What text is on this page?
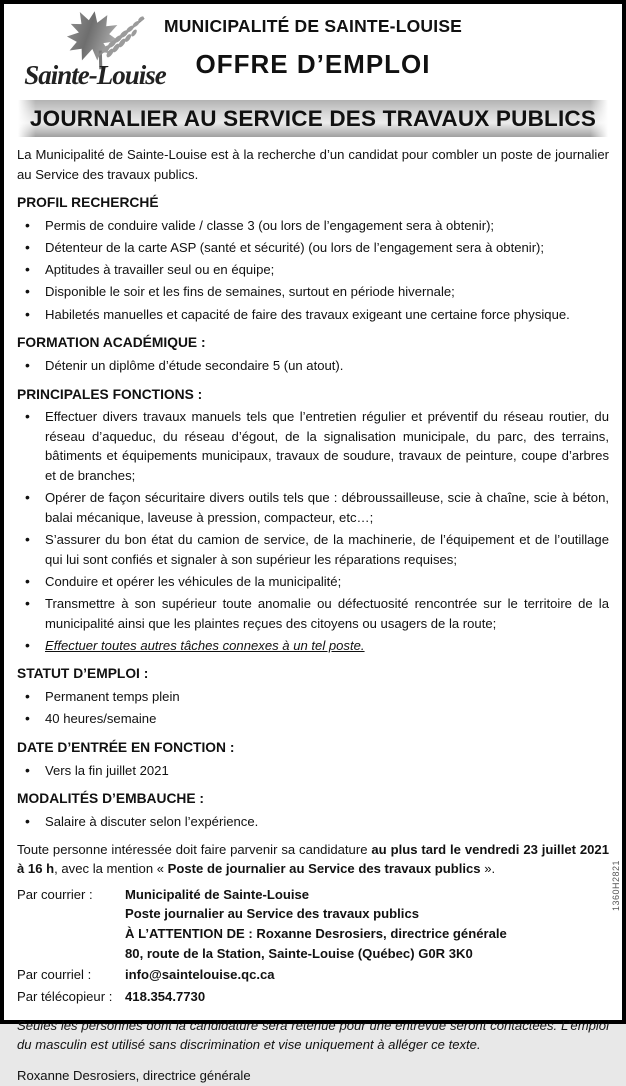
Sainte-Louise
MUNICIPALITÉ DE SAINTE-LOUISE
OFFRE D’EMPLOI
JOURNALIER AU SERVICE DES TRAVAUX PUBLICS

La Municipalité de Sainte-Louise est à la recherche d’un candidat pour combler un poste de journalier au Service des travaux publics.

PROFIL RECHERCHÉ
• Permis de conduire valide / classe 3 (ou lors de l’engagement sera à obtenir);
• Détenteur de la carte ASP (santé et sécurité) (ou lors de l’engagement sera à obtenir);
• Aptitudes à travailler seul ou en équipe;
• Disponible le soir et les fins de semaines, surtout en période hivernale;
• Habiletés manuelles et capacité de faire des travaux exigeant une certaine force physique.
FORMATION ACADÉMIQUE :
• Détenir un diplôme d’étude secondaire 5 (un atout).
PRINCIPALES FONCTIONS :
• Effectuer divers travaux manuels tels que l’entretien régulier et préventif du réseau routier, du réseau d’aqueduc, du réseau d’égout, de la signalisation municipale, du parc, des terrains, bâtiments et équipements municipaux, travaux de soudure, travaux de peinture, coupe d’arbres et de branches;
• Opérer de façon sécuritaire divers outils tels que : débroussailleuse, scie à chaîne, scie à béton, balai mécanique, laveuse à pression, compacteur, etc…;
• S’assurer du bon état du camion de service, de la machinerie, de l’équipement et de l’outillage qui lui sont confiés et signaler à son supérieur les réparations requises;
• Conduire et opérer les véhicules de la municipalité;
• Transmettre à son supérieur toute anomalie ou défectuosité rencontrée sur le territoire de la municipalité ainsi que les plaintes reçues des citoyens ou usagers de la route;
• Effectuer toutes autres tâches connexes à un tel poste.
STATUT D’EMPLOI :
• Permanent temps plein
• 40 heures/semaine
DATE D’ENTRÉE EN FONCTION :
• Vers la fin juillet 2021
MODALITÉS D’EMBAUCHE :
• Salaire à discuter selon l’expérience.

Toute personne intéressée doit faire parvenir sa candidature au plus tard le vendredi 23 juillet 2021 à 16 h, avec la mention « Poste de journalier au Service des travaux publics ».

Par courrier :	Municipalité de Sainte-Louise
Poste journalier au Service des travaux publics
À L’ATTENTION DE : Roxanne Desrosiers, directrice générale
80, route de la Station, Sainte-Louise (Québec) G0R 3K0
Par courriel :	info@saintelouise.qc.ca
Par télécopieur : 418.354.7730

Seules les personnes dont la candidature sera retenue pour une entrevue seront contactées. L’emploi du masculin est utilisé sans discrimination et vise uniquement à alléger ce texte.

Roxanne Desrosiers, directrice générale
1360H2821
